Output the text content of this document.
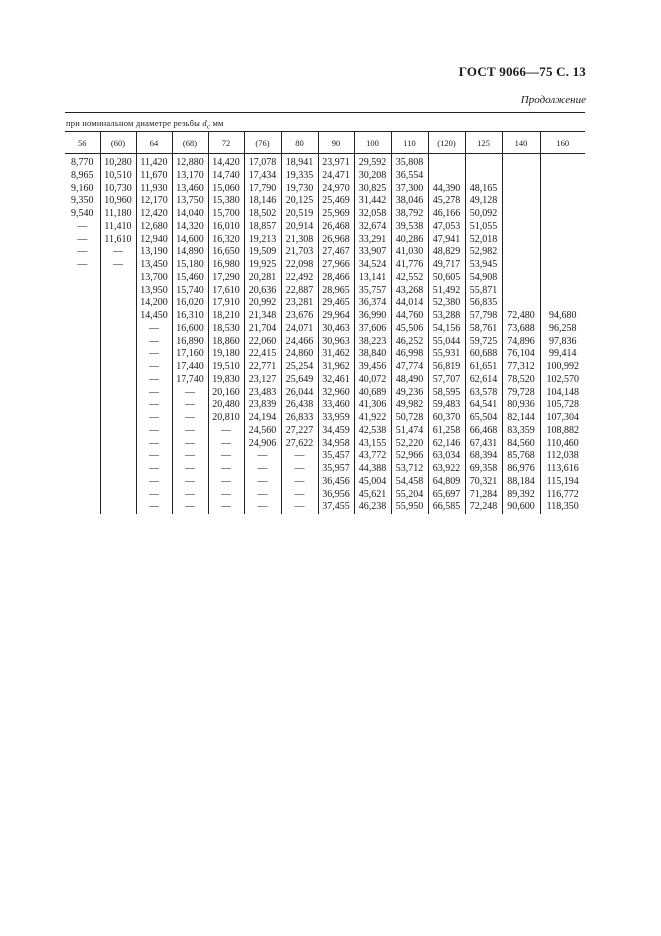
ГОСТ 9066—75 С. 13
Продолжение
при номинальном диаметре резьбы $d_с$ мм
56	(60)	64	(68)	72	(76)	80	90	100	110	(120)	125	140	160
8,770	10,280	11,420	12,880	14,420	17,078	18,941	23,971	29,592	35,808				
8,965	10,510	11,670	13,170	14,740	17,434	19,335	24,471	30,208	36,554				
9,160	10,730	11,930	13,460	15,060	17,790	19,730	24,970	30,825	37,300	44,390	48,165		
9,350	10,960	12,170	13,750	15,380	18,146	20,125	25,469	31,442	38,046	45,278	49,128		
9,540	11,180	12,420	14,040	15,700	18,502	20,519	25,969	32,058	38,792	46,166	50,092		
—	11,410	12,680	14,320	16,010	18,857	20,914	26,468	32,674	39,538	47,053	51,055		
—	11,610	12,940	14,600	16,320	19,213	21,308	26,968	33,291	40,286	47,941	52,018		
—	—	13,190	14,890	16,650	19,509	21,703	27,467	33,907	41,030	48,829	52,982		
—	—	13,450	15,180	16,980	19,925	22,098	27,966	34,524	41,776	49,717	53,945		
		13,700	15,460	17,290	20,281	22,492	28,466	13,141	42,552	50,605	54,908		
		13,950	15,740	17,610	20,636	22,887	28,965	35,757	43,268	51,492	55,871		
		14,200	16,020	17,910	20,992	23,281	29,465	36,374	44,014	52,380	56,835		
		14,450	16,310	18,210	21,348	23,676	29,964	36,990	44,760	53,288	57,798	72,480	94,680
		—	16,600	18,530	21,704	24,071	30,463	37,606	45,506	54,156	58,761	73,688	96,258
		—	16,890	18,860	22,060	24,466	30,963	38,223	46,252	55,044	59,725	74,896	97,836
		—	17,160	19,180	22,415	24,860	31,462	38,840	46,998	55,931	60,688	76,104	99,414
		—	17,440	19,510	22,771	25,254	31,962	39,456	47,774	56,819	61,651	77,312	100,992
		—	17,740	19,830	23,127	25,649	32,461	40,072	48,490	57,707	62,614	78,520	102,570
		—	—	20,160	23,483	26,044	32,960	40,689	49,236	58,595	63,578	79,728	104,148
		—	—	20,480	23,839	26,438	33,460	41,306	49,982	59,483	64,541	80,936	105,728
		—	—	20,810	24,194	26,833	33,959	41,922	50,728	60,370	65,504	82,144	107,304
		—	—	—	24,560	27,227	34,459	42,538	51,474	61,258	66,468	83,359	108,882
		—	—	—	24,906	27,622	34,958	43,155	52,220	62,146	67,431	84,560	110,460
		—	—	—	—	—	35,457	43,772	52,966	63,034	68,394	85,768	112,038
		—	—	—	—	—	35,957	44,388	53,712	63,922	69,358	86,976	113,616
		—	—	—	—	—	36,456	45,004	54,458	64,809	70,321	88,184	115,194
		—	—	—	—	—	36,956	45,621	55,204	65,697	71,284	89,392	116,772
		—	—	—	—	—	37,455	46,238	55,950	66,585	72,248	90,600	118,350
